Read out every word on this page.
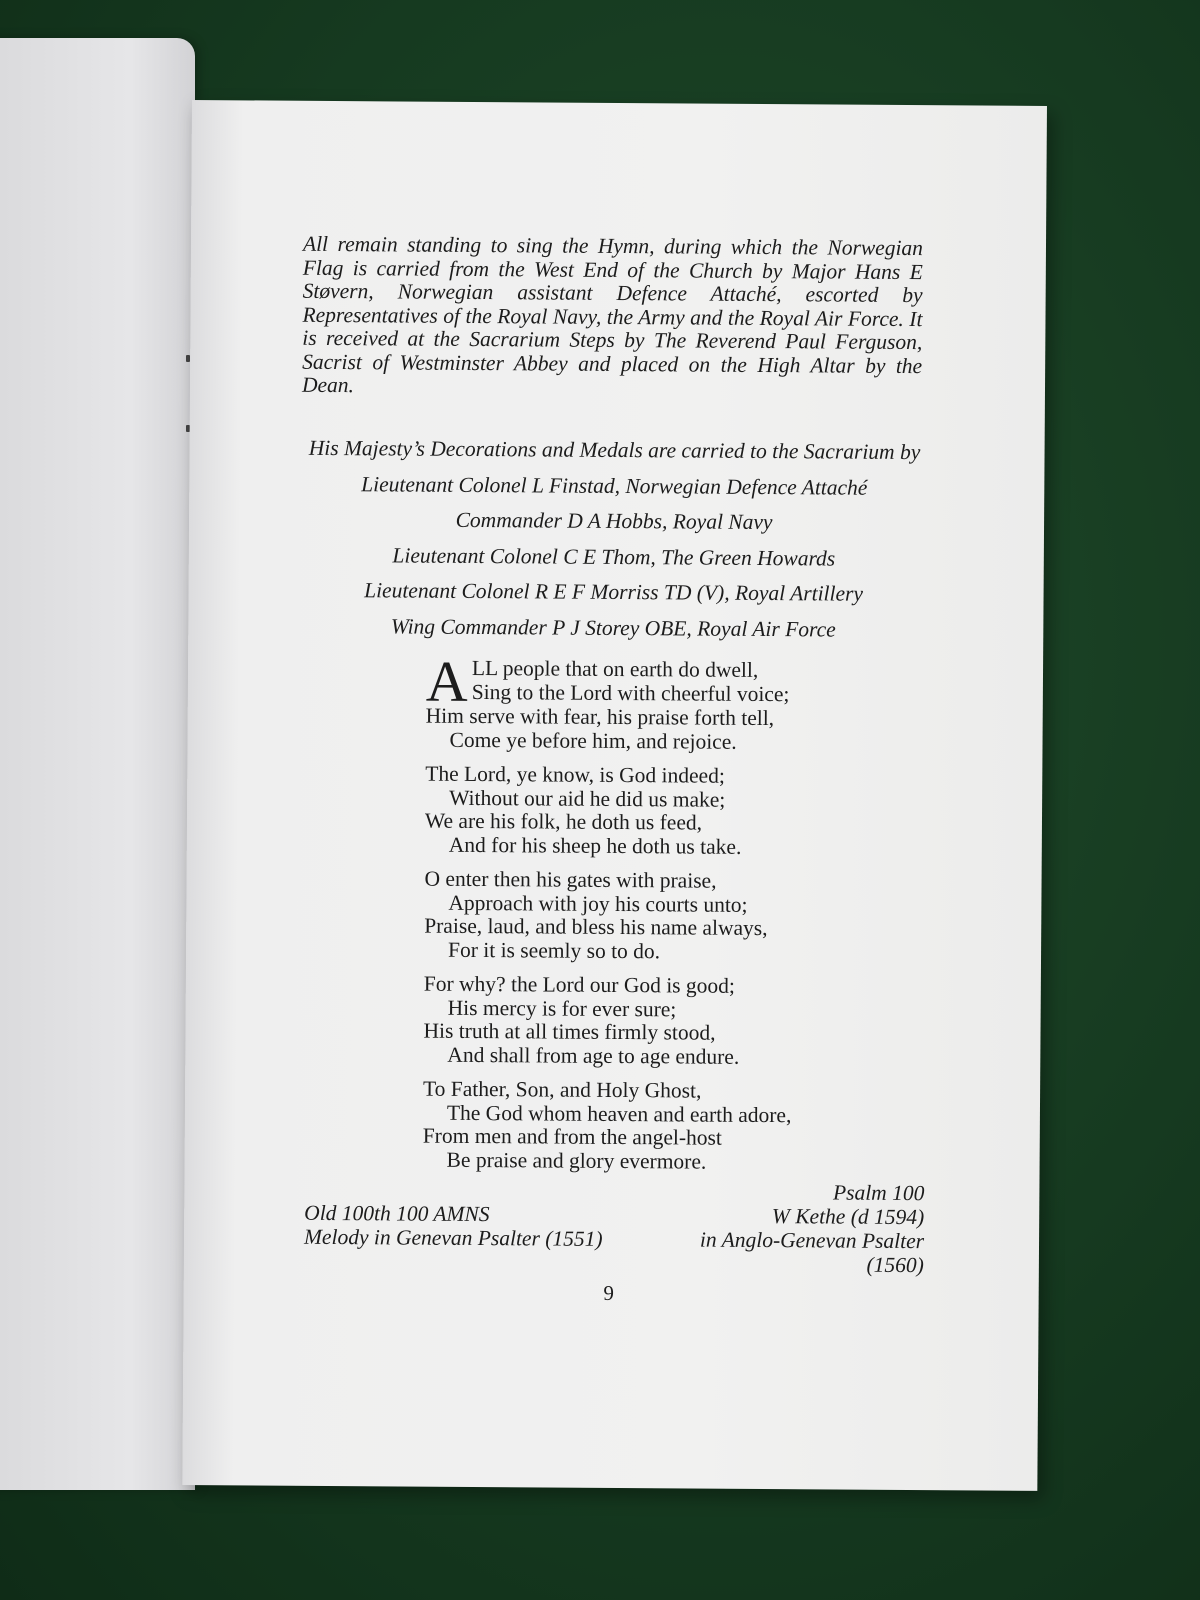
All remain standing to sing the Hymn, during which the Norwegian Flag is carried from the West End of the Church by Major Hans E Støvern, Norwegian assistant Defence Attaché, escorted by Representatives of the Royal Navy, the Army and the Royal Air Force. It is received at the Sacrarium Steps by The Reverend Paul Ferguson, Sacrist of Westminster Abbey and placed on the High Altar by the Dean.

His Majesty’s Decorations and Medals are carried to the Sacrarium by
Lieutenant Colonel L Finstad, Norwegian Defence Attaché
Commander D A Hobbs, Royal Navy
Lieutenant Colonel C E Thom, The Green Howards
Lieutenant Colonel R E F Morriss TD (V), Royal Artillery
Wing Commander P J Storey OBE, Royal Air Force
A LL people that on earth do dwell,
Sing to the Lord with cheerful voice;
Him serve with fear, his praise forth tell,
Come ye before him, and rejoice.
The Lord, ye know, is God indeed;
Without our aid he did us make;
We are his folk, he doth us feed,
And for his sheep he doth us take.
O enter then his gates with praise,
Approach with joy his courts unto;
Praise, laud, and bless his name always,
For it is seemly so to do.
For why? the Lord our God is good;
His mercy is for ever sure;
His truth at all times firmly stood,
And shall from age to age endure.
To Father, Son, and Holy Ghost,
The God whom heaven and earth adore,
From men and from the angel-host
Be praise and glory evermore.
Old 100th 100 AMNS
Melody in Genevan Psalter (1551)
Psalm 100
W Kethe (d 1594)
in Anglo-Genevan Psalter
(1560)
9
